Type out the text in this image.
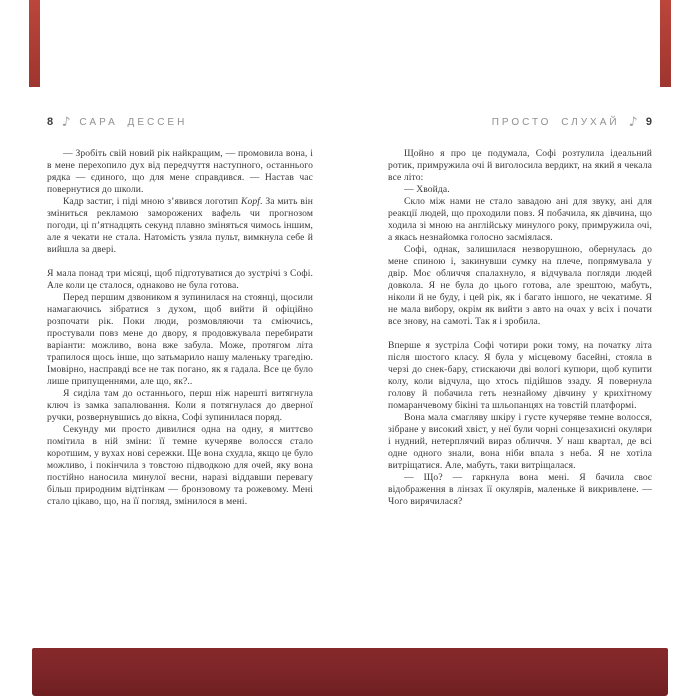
8 ♪ САРА ДЕССЕН

— Зробіть свій новий рік найкращим, — промовила вона, і в мене перехопило дух від передчуття наступного, останнього рядка — єдиного, що для мене справдився. — Настав час повернутися до школи.

Кадр застиг, і піді мною з’явився логотип Kopf. За мить він зміниться рекламою заморожених вафель чи прогнозом погоди, ці п’ятнадцять секунд плавно зміняться чимось іншим, але я чекати не стала. Натомість узяла пульт, вимкнула себе й вийшла за двері.

Я мала понад три місяці, щоб підготуватися до зустрічі з Софі. Але коли це сталося, однаково не була готова.

Перед першим дзвоником я зупинилася на стоянці, щосили намагаючись зібратися з духом, щоб вийти й офіційно розпочати рік. Поки люди, розмовляючи та сміючись, простували повз мене до двору, я продовжувала перебирати варіанти: можливо, вона вже забула. Може, протягом літа трапилося щось інше, що затьмарило нашу маленьку трагедію. Імовірно, насправді все не так погано, як я гадала. Все це було лише припущеннями, але що, як?..

Я сиділа там до останнього, перш ніж нарешті витягнула ключ із замка запалювання. Коли я потягнулася до дверної ручки, розвернувшись до вікна, Софі зупинилася поряд.

Секунду ми просто дивилися одна на одну, я миттєво помітила в ній зміни: її темне кучеряве волосся стало коротшим, у вухах нові сережки. Ще вона схудла, якщо це було можливо, і покінчила з товстою підводкою для очей, яку вона постійно наносила минулої весни, наразі віддавши перевагу більш природним відтінкам — бронзовому та рожевому. Мені стало цікаво, що, на її погляд, змінилося в мені.

ПРОСТО СЛУХАЙ ♪ 9

Щойно я про це подумала, Софі розтулила ідеальний ротик, примружила очі й виголосила вердикт, на який я чекала все літо:

— Хвойда.

Скло між нами не стало завадою ані для звуку, ані для реакції людей, що проходили повз. Я побачила, як дівчина, що ходила зі мною на англійську минулого року, примружила очі, а якась незнайомка голосно засміялася.

Софі, однак, залишилася незворушною, обернулась до мене спиною і, закинувши сумку на плече, попрямувала у двір. Моє обличчя спалахнуло, я відчувала погляди людей довкола. Я не була до цього готова, але зрештою, мабуть, ніколи й не буду, і цей рік, як і багато іншого, не чекатиме. Я не мала вибору, окрім як вийти з авто на очах у всіх і почати все знову, на самоті. Так я і зробила.

Вперше я зустріла Софі чотири роки тому, на початку літа після шостого класу. Я була у місцевому басейні, стояла в черзі до снек-бару, стискаючи дві вологі купюри, щоб купити колу, коли відчула, що хтось підійшов ззаду. Я повернула голову й побачила геть незнайому дівчину у крихітному помаранчевому бікіні та шльопанцях на товстій платформі.

Вона мала смагляву шкіру і густе кучеряве темне волосся, зібране у високий хвіст, у неї були чорні сонцезахисні окуляри і нудний, нетерплячий вираз обличчя. У наш квартал, де всі одне одного знали, вона ніби впала з неба. Я не хотіла витріщатися. Але, мабуть, таки витріщалася.

— Що? — гаркнула вона мені. Я бачила своє відображення в лінзах її окулярів, маленьке й викривлене. — Чого вирячилася?
